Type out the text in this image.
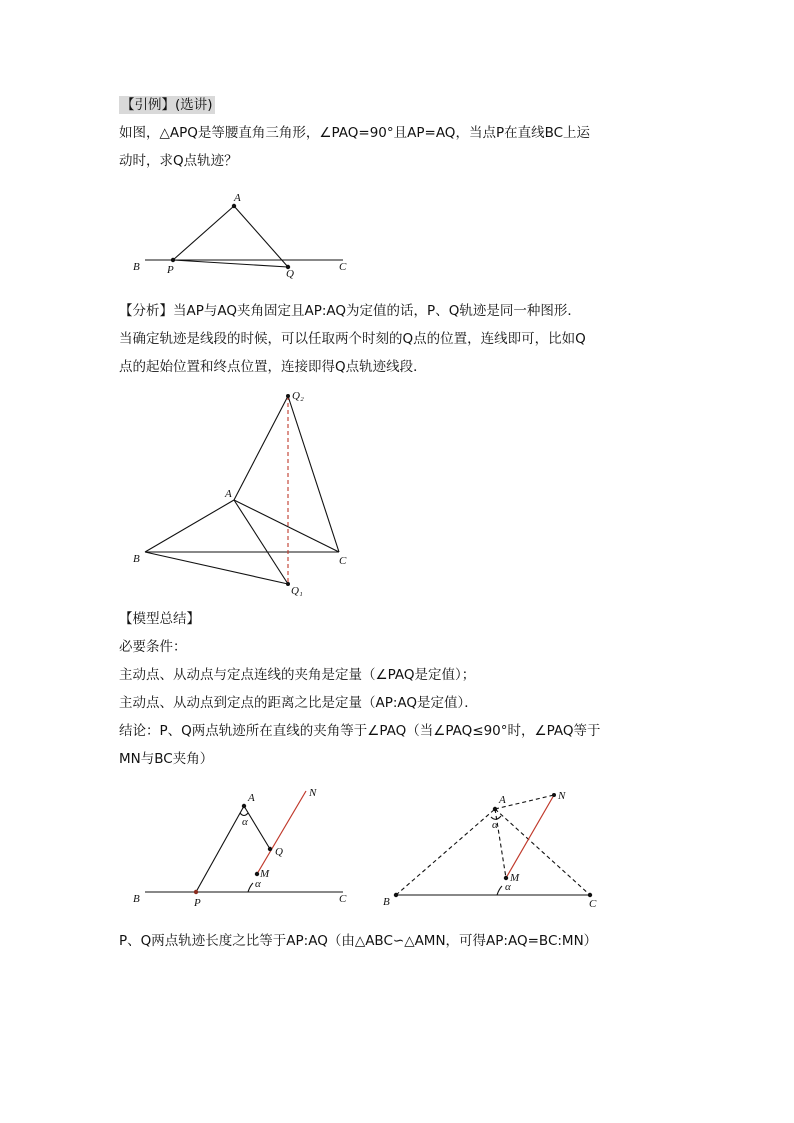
【引例】(选讲)
如图，△APQ是等腰直角三角形，∠PAQ=90°且AP=AQ，当点P在直线BC上运
动时，求Q点轨迹？
A
B P	Q
C
【分析】当AP与AQ夹角固定且AP:AQ为定值的话，P、Q轨迹是同一种图形．
当确定轨迹是线段的时候，可以任取两个时刻的Q点的位置，连线即可，比如Q
点的起始位置和终点位置，连接即得Q点轨迹线段．
Q₂
A
B	C
Q₁
【模型总结】
必要条件：
主动点、从动点与定点连线的夹角是定量（∠PAQ是定值）；
主动点、从动点到定点的距离之比是定量（AP:AQ是定值）．
结论：P、Q两点轨迹所在直线的夹角等于∠PAQ（当∠PAQ≤90°时，∠PAQ等于
MN与BC夹角）
A	N
α
Q
M
α
B	P	C
A	N
α
M
α
B	C
P、Q两点轨迹长度之比等于AP:AQ（由△ABC∽△AMN，可得AP:AQ=BC:MN）
